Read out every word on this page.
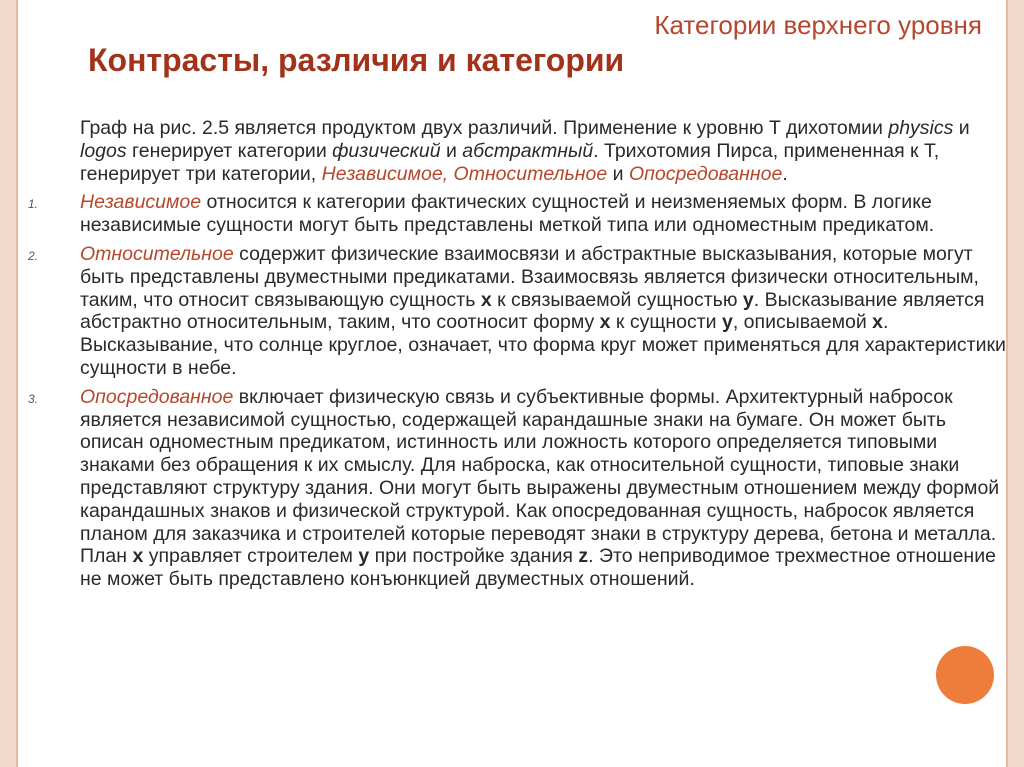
Категории верхнего уровня
Контрасты, различия и категории

Граф на рис. 2.5 является продуктом двух различий. Применение к уровню T дихотомии physics и logos генерирует категории физический и абстрактный. Трихотомия Пирса, примененная к T, генерирует три категории, Независимое, Относительное и Опосредованное.

1. Независимое относится к категории фактических сущностей и неизменяемых форм. В логике независимые сущности могут быть представлены меткой типа или одноместным предикатом.
2. Относительное содержит физические взаимосвязи и абстрактные высказывания, которые могут быть представлены двуместными предикатами. Взаимосвязь является физически относительным, таким, что относит связывающую сущность x к связываемой сущностью y. Высказывание является абстрактно относительным, таким, что соотносит форму x к сущности y, описываемой x. Высказывание, что солнце круглое, означает, что форма круг может применяться для характеристики сущности в небе.
3. Опосредованное включает физическую связь и субъективные формы. Архитектурный набросок является независимой сущностью, содержащей карандашные знаки на бумаге. Он может быть описан одноместным предикатом, истинность или ложность которого определяется типовыми знаками без обращения к их смыслу. Для наброска, как относительной сущности, типовые знаки представляют структуру здания. Они могут быть выражены двуместным отношением между формой карандашных знаков и физической структурой. Как опосредованная сущность, набросок является планом для заказчика и строителей которые переводят знаки в структуру дерева, бетона и металла. План x управляет строителем y при постройке здания z. Это неприводимое трехместное отношение не может быть представлено конъюнкцией двуместных отношений.
